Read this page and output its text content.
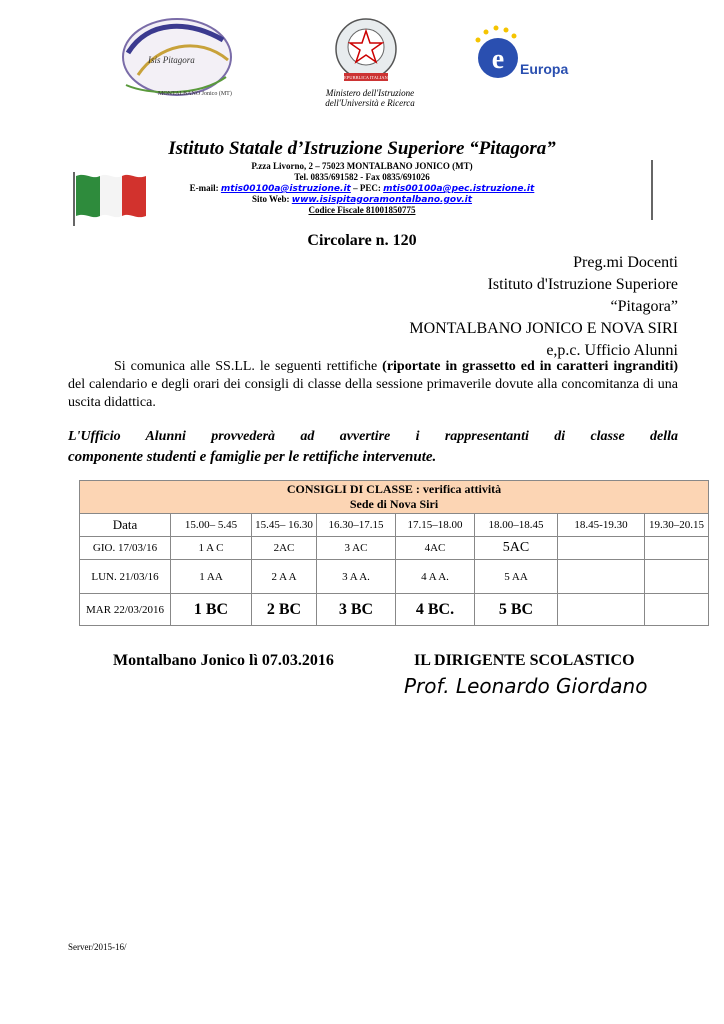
Isis Pitagora
MONTALBANO Jonico (MT)
REPUBBLICA ITALIANA
Ministero dell'Istruzione
dell'Università e Ricerca
e Europa
Istituto Statale d’Istruzione Superiore “Pitagora”
P.zza Livorno, 2 – 75023 MONTALBANO JONICO (MT)
Tel. 0835/691582 - Fax 0835/691026
E-mail: mtis00100a@istruzione.it – PEC: mtis00100a@pec.istruzione.it
Sito Web: www.isispitagoramontalbano.gov.it
Codice Fiscale 81001850775
Circolare n. 120
Preg.mi Docenti
Istituto d'Istruzione Superiore
“Pitagora”
MONTALBANO JONICO E NOVA SIRI
e,p.c. Ufficio Alunni
Si comunica alle SS.LL. le seguenti rettifiche (riportate in grassetto ed in caratteri ingranditi) del calendario e degli orari dei consigli di classe della sessione primaverile dovute alla concomitanza di una uscita didattica.
L'Ufficio Alunni provvederà ad avvertire i rappresentanti di classe della
componente studenti e famiglie per le rettifiche intervenute.
CONSIGLI DI CLASSE : verifica attività
Sede di Nova Siri							

Data	15.00– 5.45	15.45– 16.30	16.30–17.15	17.15–18.00	18.00–18.45	18.45-19.30	19.30–20.15
GIO. 17/03/16	1 A C	2AC	3 AC	4AC	5AC		
LUN. 21/03/16	1 AA	2 A A	3 A A.	4 A A.	5 AA		
MAR 22/03/2016	1 BC	2 BC	3 BC	4 BC.	5 BC		
Montalbano Jonico lì 07.03.2016	IL DIRIGENTE SCOLASTICO
Prof. Leonardo Giordano
Server/2015-16/
